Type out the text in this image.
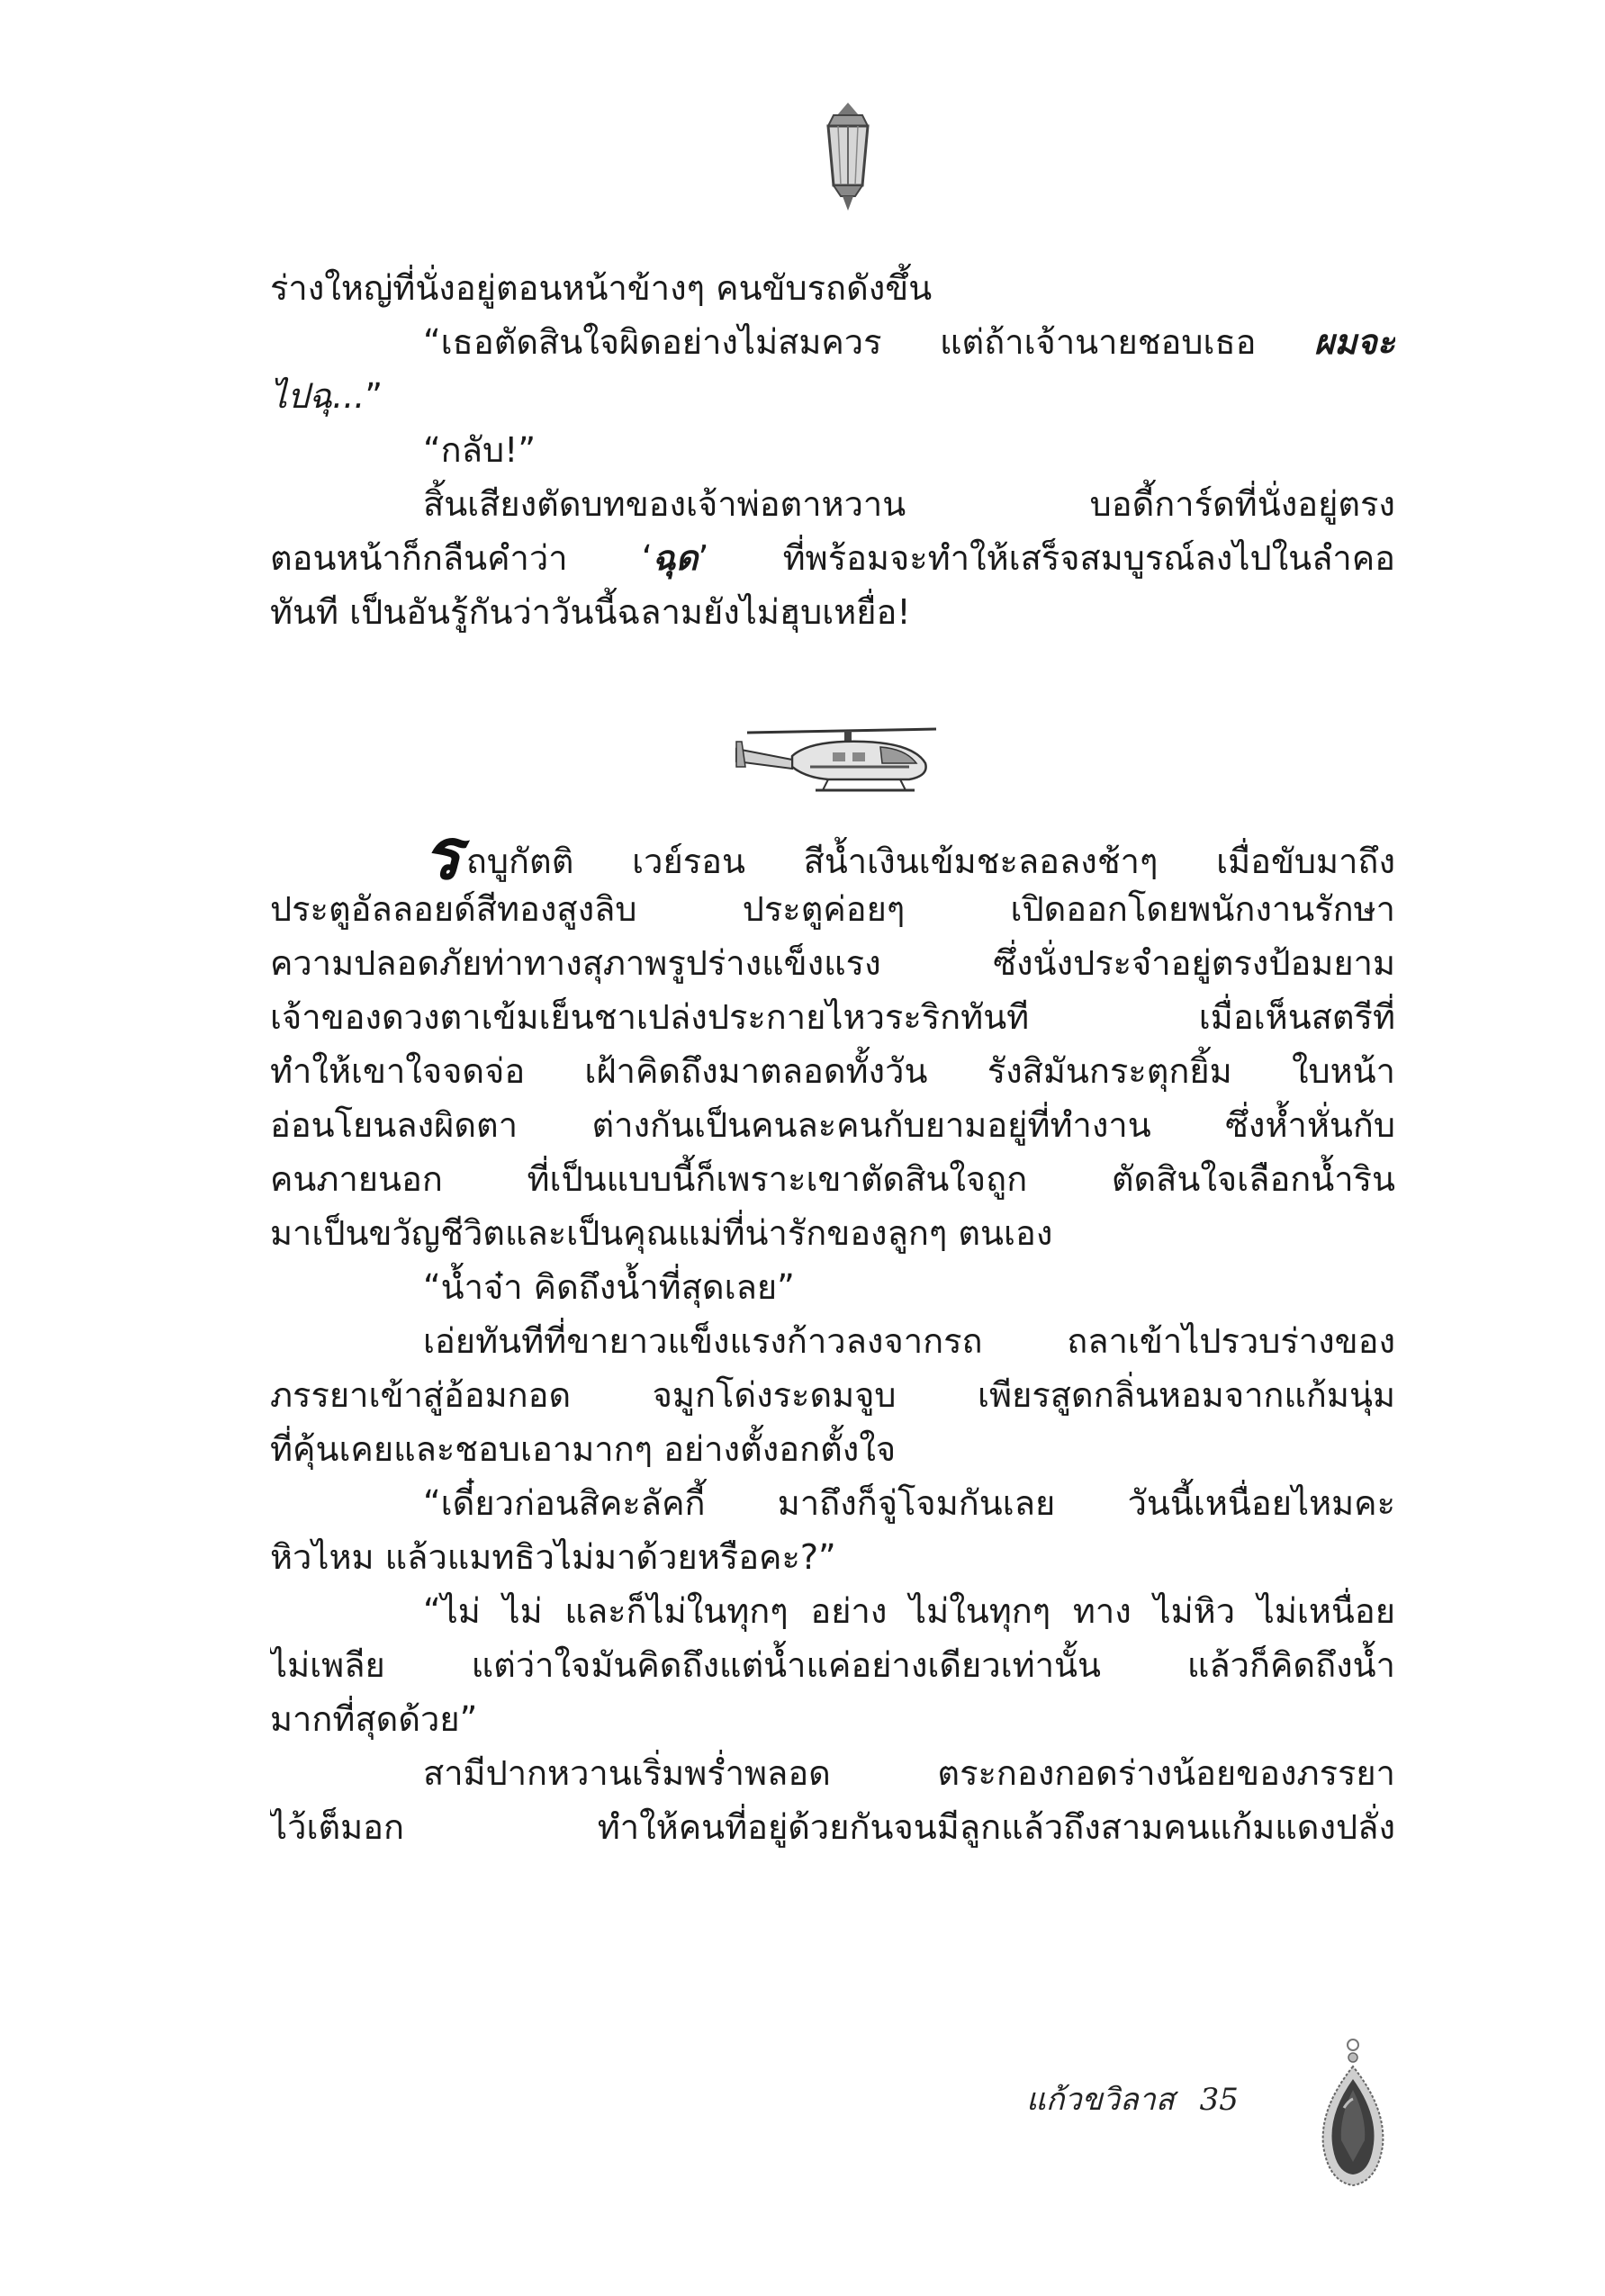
ร่างใหญ่ที่นั่งอยู่ตอนหน้าข้างๆ คนขับรถดังขึ้น
“เธอตัดสินใจผิดอย่างไม่สมควร แต่ถ้าเจ้านายชอบเธอ ผมจะ
ไปฉุ...”
“กลับ!”
สิ้นเสียงตัดบทของเจ้าพ่อตาหวาน บอดี้การ์ดที่นั่งอยู่ตรง
ตอนหน้าก็กลืนคำว่า ‘ฉุด’ ที่พร้อมจะทำให้เสร็จสมบูรณ์ลงไปในลำคอ
ทันที เป็นอันรู้กันว่าวันนี้ฉลามยังไม่ฮุบเหยื่อ!
รถบูกัตติ เวย์รอน สีน้ำเงินเข้มชะลอลงช้าๆ เมื่อขับมาถึง
ประตูอัลลอยด์สีทองสูงลิบ ประตูค่อยๆ เปิดออกโดยพนักงานรักษา
ความปลอดภัยท่าทางสุภาพรูปร่างแข็งแรง ซึ่งนั่งประจำอยู่ตรงป้อมยาม
เจ้าของดวงตาเข้มเย็นชาเปล่งประกายไหวระริกทันที เมื่อเห็นสตรีที่
ทำให้เขาใจจดจ่อ เฝ้าคิดถึงมาตลอดทั้งวัน รังสิมันกระตุกยิ้ม ใบหน้า
อ่อนโยนลงผิดตา ต่างกันเป็นคนละคนกับยามอยู่ที่ทำงาน ซึ่งห้ำหั่นกับ
คนภายนอก ที่เป็นแบบนี้ก็เพราะเขาตัดสินใจถูก ตัดสินใจเลือกน้ำริน
มาเป็นขวัญชีวิตและเป็นคุณแม่ที่น่ารักของลูกๆ ตนเอง
“น้ำจ๋า คิดถึงน้ำที่สุดเลย”
เอ่ยทันทีที่ขายาวแข็งแรงก้าวลงจากรถ ถลาเข้าไปรวบร่างของ
ภรรยาเข้าสู่อ้อมกอด จมูกโด่งระดมจูบ เพียรสูดกลิ่นหอมจากแก้มนุ่ม
ที่คุ้นเคยและชอบเอามากๆ อย่างตั้งอกตั้งใจ
“เดี๋ยวก่อนสิคะลัคกี้ มาถึงก็จู่โจมกันเลย วันนี้เหนื่อยไหมคะ
หิวไหม แล้วแมทธิวไม่มาด้วยหรือคะ?”
“ไม่ ไม่ และก็ไม่ในทุกๆ อย่าง ไม่ในทุกๆ ทาง ไม่หิว ไม่เหนื่อย
ไม่เพลีย แต่ว่าใจมันคิดถึงแต่น้ำแค่อย่างเดียวเท่านั้น แล้วก็คิดถึงน้ำ
มากที่สุดด้วย”
สามีปากหวานเริ่มพร่ำพลอด ตระกองกอดร่างน้อยของภรรยา
ไว้เต็มอก ทำให้คนที่อยู่ด้วยกันจนมีลูกแล้วถึงสามคนแก้มแดงปลั่ง
แก้วขวิลาส 35
